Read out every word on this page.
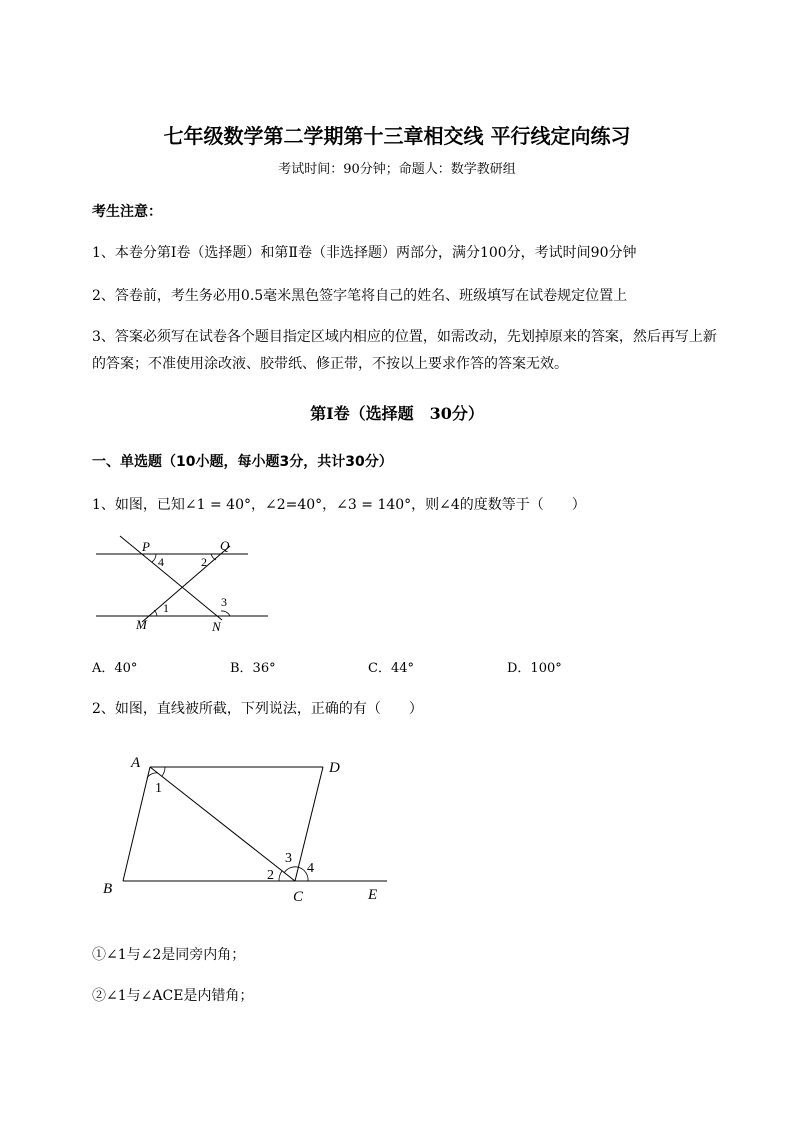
七年级数学第二学期第十三章相交线 平行线定向练习
考试时间：90分钟；命题人：数学教研组
考生注意：
1、本卷分第I卷（选择题）和第Ⅱ卷（非选择题）两部分，满分100分，考试时间90分钟
2、答卷前，考生务必用0.5毫米黑色签字笔将自己的姓名、班级填写在试卷规定位置上
3、答案必须写在试卷各个题目指定区域内相应的位置，如需改动，先划掉原来的答案，然后再写上新
的答案；不准使用涂改液、胶带纸、修正带，不按以上要求作答的答案无效。
第I卷（选择题　30分）
一、单选题（10小题，每小题3分，共计30分）
1、如图，已知∠1 = 40°，∠2=40°，∠3 = 140°，则∠4的度数等于（　　）
P	Q
M	N
4	2
1	3
A．40°	B．36°	C．44°	D．100°
2、如图，直线被所截，下列说法，正确的有（　　）
A	D
B	C	E
1
2
3
4
①∠1与∠2是同旁内角；
②∠1与∠ACE是内错角；
